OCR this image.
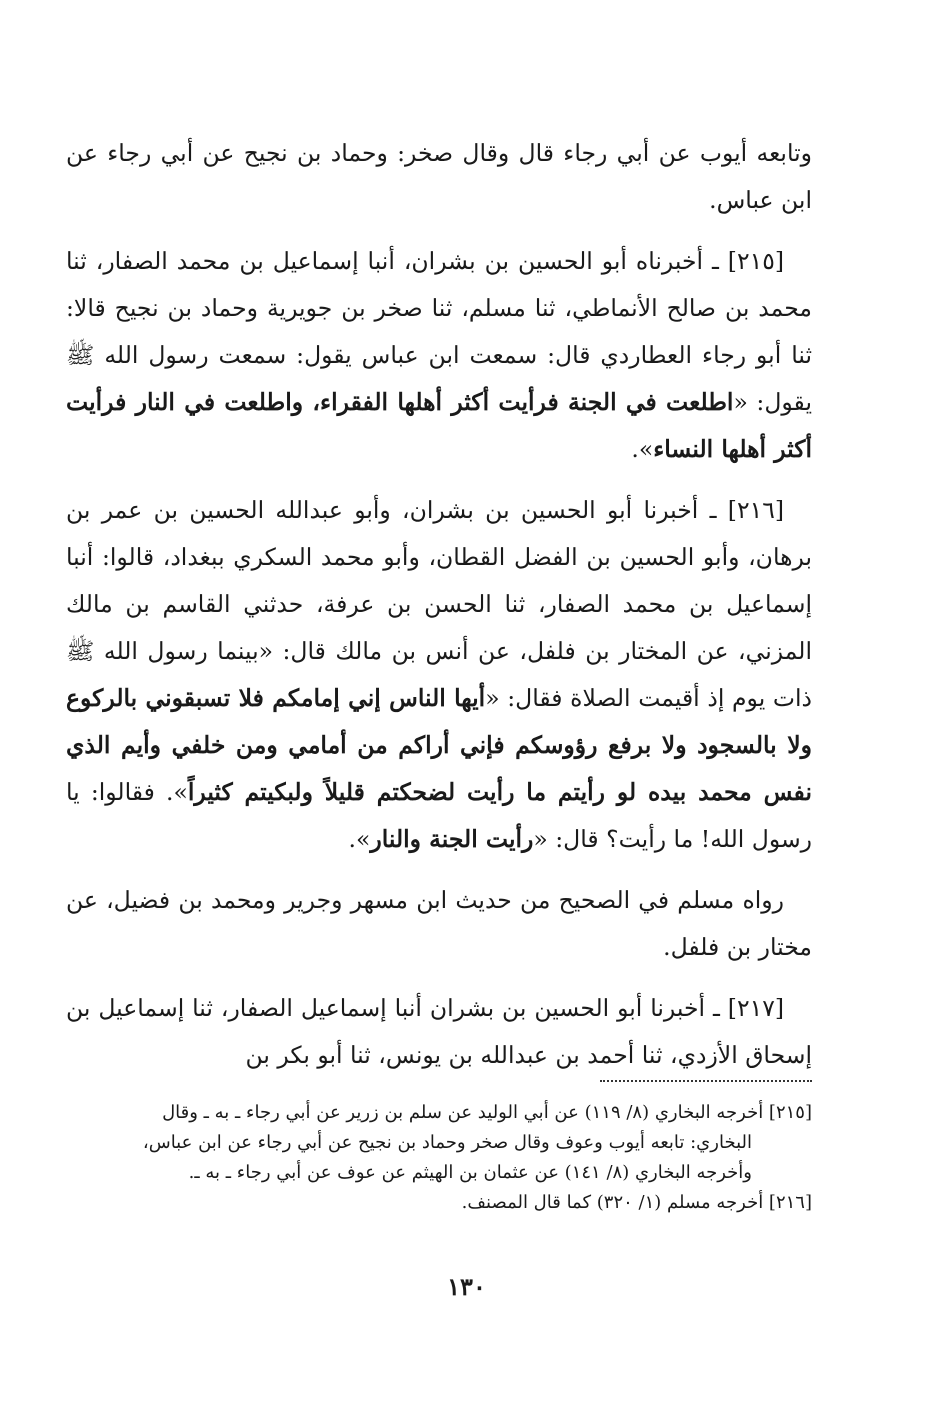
وتابعه أيوب عن أبي رجاء قال وقال صخر: وحماد بن نجيح عن أبي رجاء عن ابن عباس.

[٢١٥] ـ أخبرناه أبو الحسين بن بشران، أنبا إسماعيل بن محمد الصفار، ثنا محمد بن صالح الأنماطي، ثنا مسلم، ثنا صخر بن جويرية وحماد بن نجيح قالا: ثنا أبو رجاء العطاردي قال: سمعت ابن عباس يقول: سمعت رسول الله ﷺ يقول: «اطلعت في الجنة فرأيت أكثر أهلها الفقراء، واطلعت في النار فرأيت أكثر أهلها النساء».

[٢١٦] ـ أخبرنا أبو الحسين بن بشران، وأبو عبدالله الحسين بن عمر بن برهان، وأبو الحسين بن الفضل القطان، وأبو محمد السكري ببغداد، قالوا: أنبا إسماعيل بن محمد الصفار، ثنا الحسن بن عرفة، حدثني القاسم بن مالك المزني، عن المختار بن فلفل، عن أنس بن مالك قال: «بينما رسول الله ﷺ ذات يوم إذ أقيمت الصلاة فقال: «أيها الناس إني إمامكم فلا تسبقوني بالركوع ولا بالسجود ولا برفع رؤوسكم فإني أراكم من أمامي ومن خلفي وأيم الذي نفس محمد بيده لو رأيتم ما رأيت لضحكتم قليلاً ولبكيتم كثيراً». فقالوا: يا رسول الله! ما رأيت؟ قال: «رأيت الجنة والنار».

رواه مسلم في الصحيح من حديث ابن مسهر وجرير ومحمد بن فضيل، عن مختار بن فلفل.

[٢١٧] ـ أخبرنا أبو الحسين بن بشران أنبا إسماعيل الصفار، ثنا إسماعيل بن إسحاق الأزدي، ثنا أحمد بن عبدالله بن يونس، ثنا أبو بكر بن

[٢١٥] أخرجه البخاري (٨/ ١١٩) عن أبي الوليد عن سلم بن زرير عن أبي رجاء ـ به ـ وقال

البخاري: تابعه أيوب وعوف وقال صخر وحماد بن نجيح عن أبي رجاء عن ابن عباس،

وأخرجه البخاري (٨/ ١٤١) عن عثمان بن الهيثم عن عوف عن أبي رجاء ـ به ـ.

[٢١٦] أخرجه مسلم (١/ ٣٢٠) كما قال المصنف.

١٣٠
